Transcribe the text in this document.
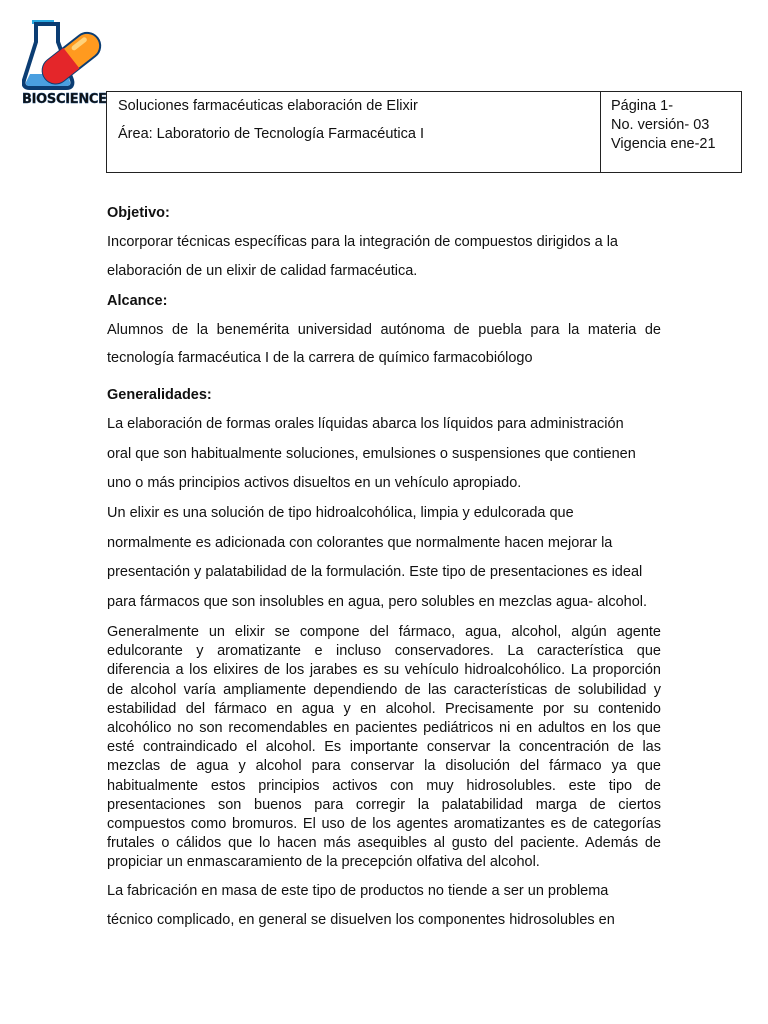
BIOSCIENCE Soluciones farmacéuticas elaboración de Elixir
Área: Laboratorio de Tecnología Farmacéutica I
Página 1-
No. versión- 03
Vigencia ene-21
Objetivo:
Incorporar técnicas específicas para la integración de compuestos dirigidos a la
elaboración de un elixir de calidad farmacéutica.
Alcance:
Alumnos de la benemérita universidad autónoma de puebla para la materia de
tecnología farmacéutica I de la carrera de químico farmacobiólogo
Generalidades:
La elaboración de formas orales líquidas abarca los líquidos para administración
oral que son habitualmente soluciones, emulsiones o suspensiones que contienen
uno o más principios activos disueltos en un vehículo apropiado.
Un elixir es una solución de tipo hidroalcohólica, limpia y edulcorada que
normalmente es adicionada con colorantes que normalmente hacen mejorar la
presentación y palatabilidad de la formulación. Este tipo de presentaciones es ideal
para fármacos que son insolubles en agua, pero solubles en mezclas agua- alcohol.
Generalmente un elixir se compone del fármaco, agua, alcohol, algún agente
edulcorante y aromatizante e incluso conservadores. La característica que
diferencia a los elixires de los jarabes es su vehículo hidroalcohólico. La proporción
de alcohol varía ampliamente dependiendo de las características de solubilidad y
estabilidad del fármaco en agua y en alcohol. Precisamente por su contenido
alcohólico no son recomendables en pacientes pediátricos ni en adultos en los que
esté contraindicado el alcohol. Es importante conservar la concentración de las
mezclas de agua y alcohol para conservar la disolución del fármaco ya que
habitualmente estos principios activos con muy hidrosolubles. este tipo de
presentaciones son buenos para corregir la palatabilidad marga de ciertos
compuestos como bromuros. El uso de los agentes aromatizantes es de categorías
frutales o cálidos que lo hacen más asequibles al gusto del paciente. Además de
propiciar un enmascaramiento de la precepción olfativa del alcohol.
La fabricación en masa de este tipo de productos no tiende a ser un problema
técnico complicado, en general se disuelven los componentes hidrosolubles en
